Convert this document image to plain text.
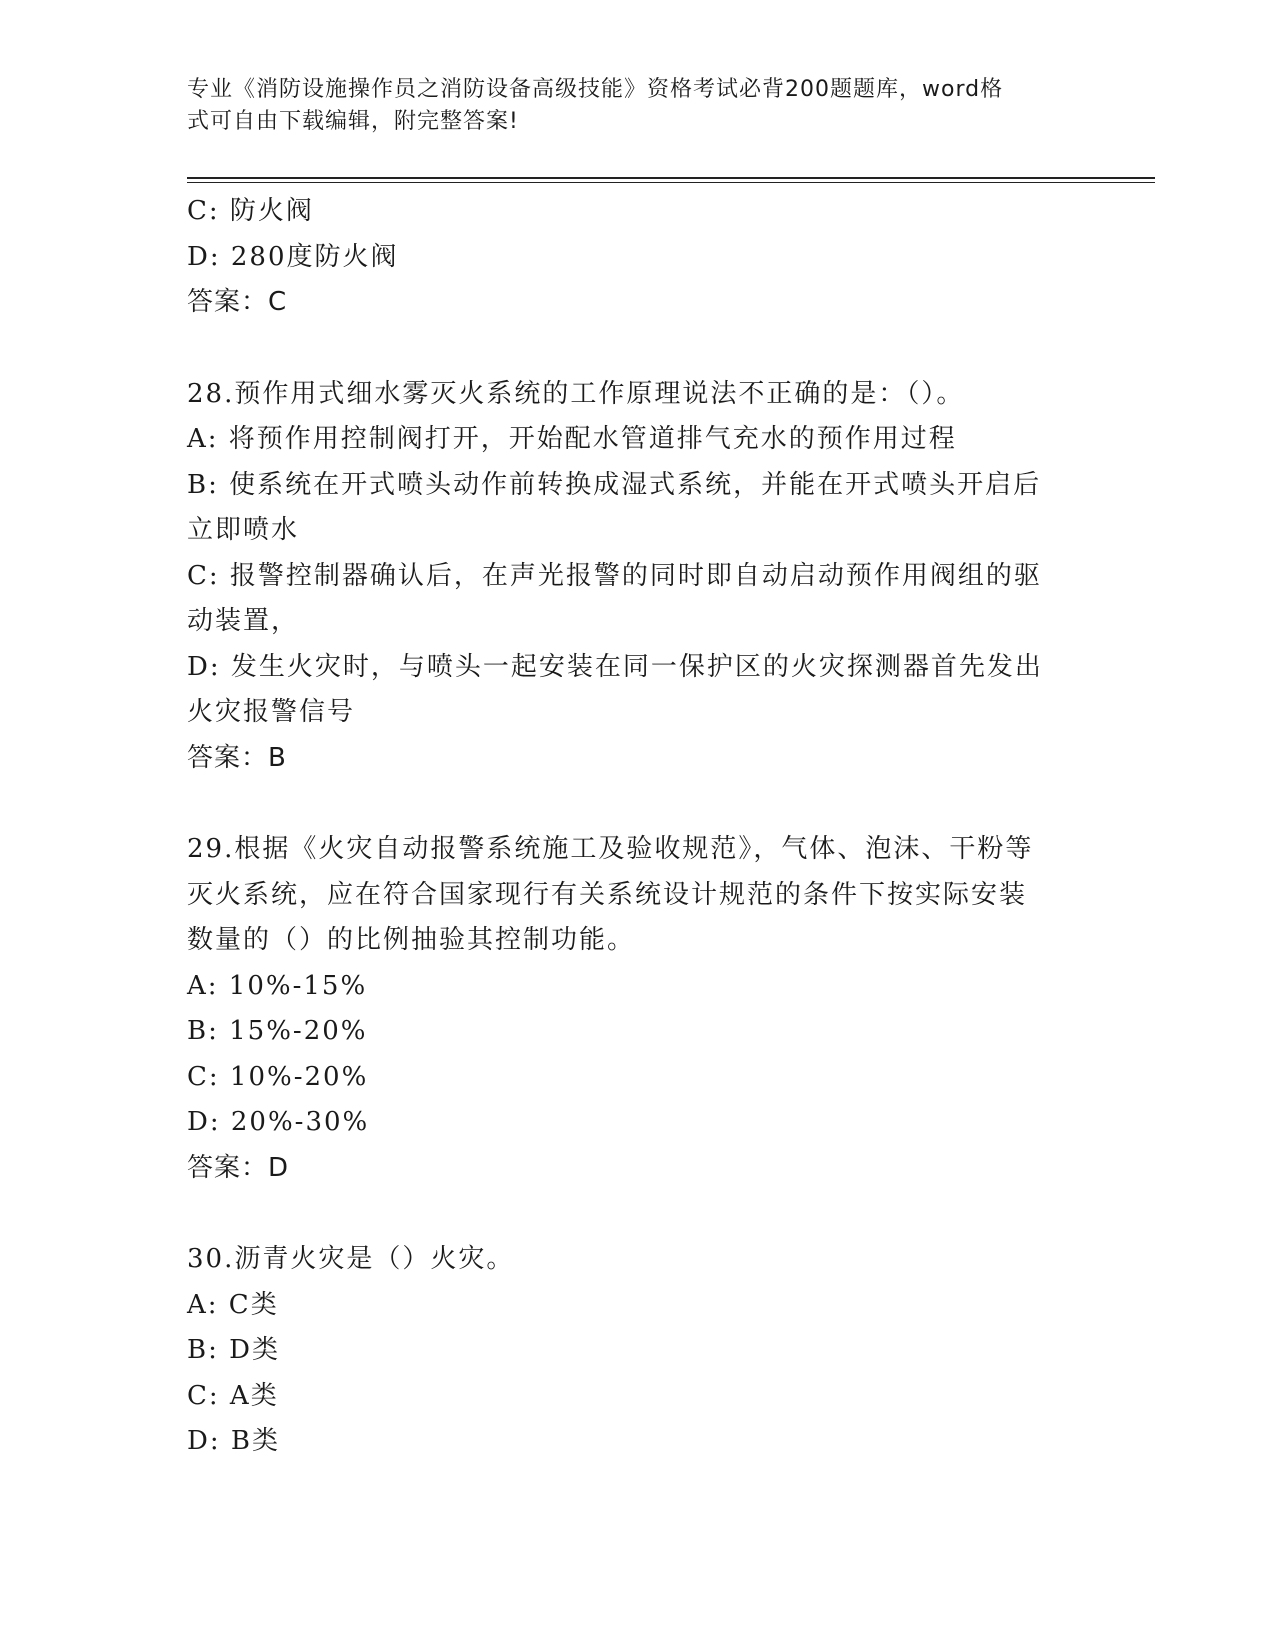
专业《消防设施操作员之消防设备高级技能》资格考试必背200题题库，word格
式可自由下载编辑，附完整答案!
C: 防火阀
D: 280度防火阀
答案：C
28.预作用式细水雾灭火系统的工作原理说法不正确的是：（）。
A: 将预作用控制阀打开，开始配水管道排气充水的预作用过程
B: 使系统在开式喷头动作前转换成湿式系统，并能在开式喷头开启后
立即喷水
C: 报警控制器确认后，在声光报警的同时即自动启动预作用阀组的驱
动装置，
D: 发生火灾时，与喷头一起安装在同一保护区的火灾探测器首先发出
火灾报警信号
答案：B
29.根据《火灾自动报警系统施工及验收规范》，气体、泡沫、干粉等
灭火系统，应在符合国家现行有关系统设计规范的条件下按实际安装
数量的（）的比例抽验其控制功能。
A: 10%-15%
B: 15%-20%
C: 10%-20%
D: 20%-30%
答案：D
30.沥青火灾是（）火灾。
A: C类
B: D类
C: A类
D: B类
